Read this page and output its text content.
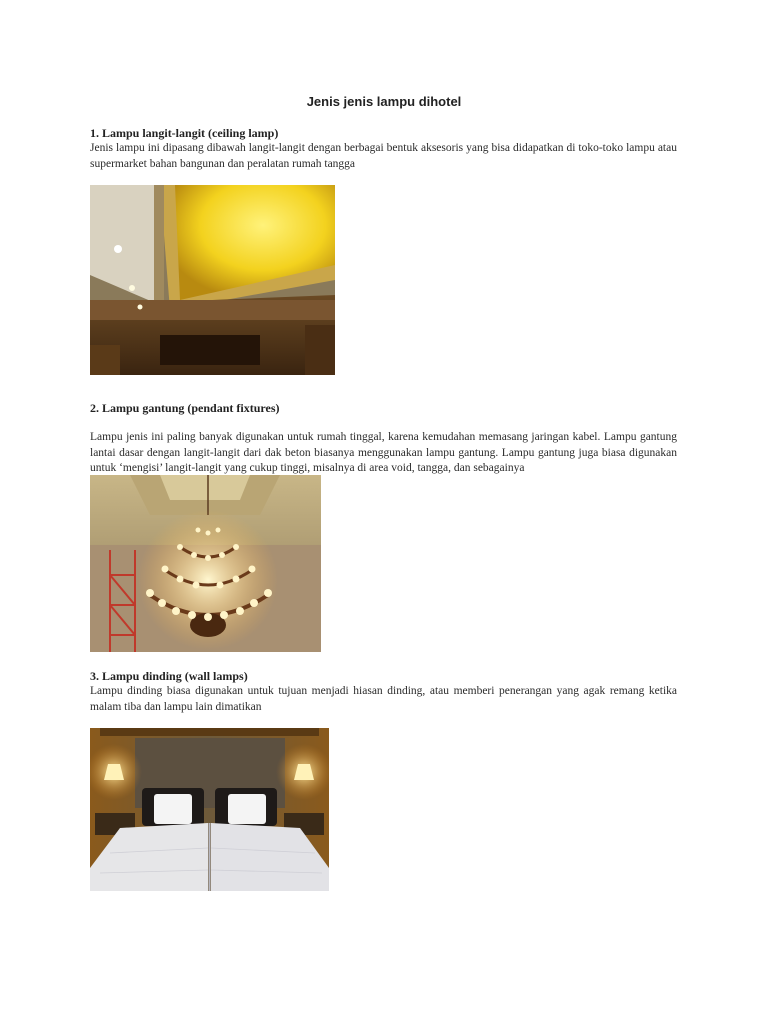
Jenis jenis lampu dihotel
1. Lampu langit-langit (ceiling lamp)
Jenis lampu ini dipasang dibawah langit-langit dengan berbagai bentuk aksesoris yang bisa didapatkan di toko-toko lampu atau supermarket bahan bangunan dan peralatan rumah tangga
2. Lampu gantung (pendant fixtures)
Lampu jenis ini paling banyak digunakan untuk rumah tinggal, karena kemudahan memasang jaringan kabel. Lampu gantung lantai dasar dengan langit-langit dari dak beton biasanya menggunakan lampu gantung. Lampu gantung juga biasa digunakan untuk ‘mengisi’ langit-langit yang cukup tinggi, misalnya di area void, tangga, dan sebagainya
3. Lampu dinding (wall lamps)
Lampu dinding biasa digunakan untuk tujuan menjadi hiasan dinding, atau memberi penerangan yang agak remang ketika malam tiba dan lampu lain dimatikan
